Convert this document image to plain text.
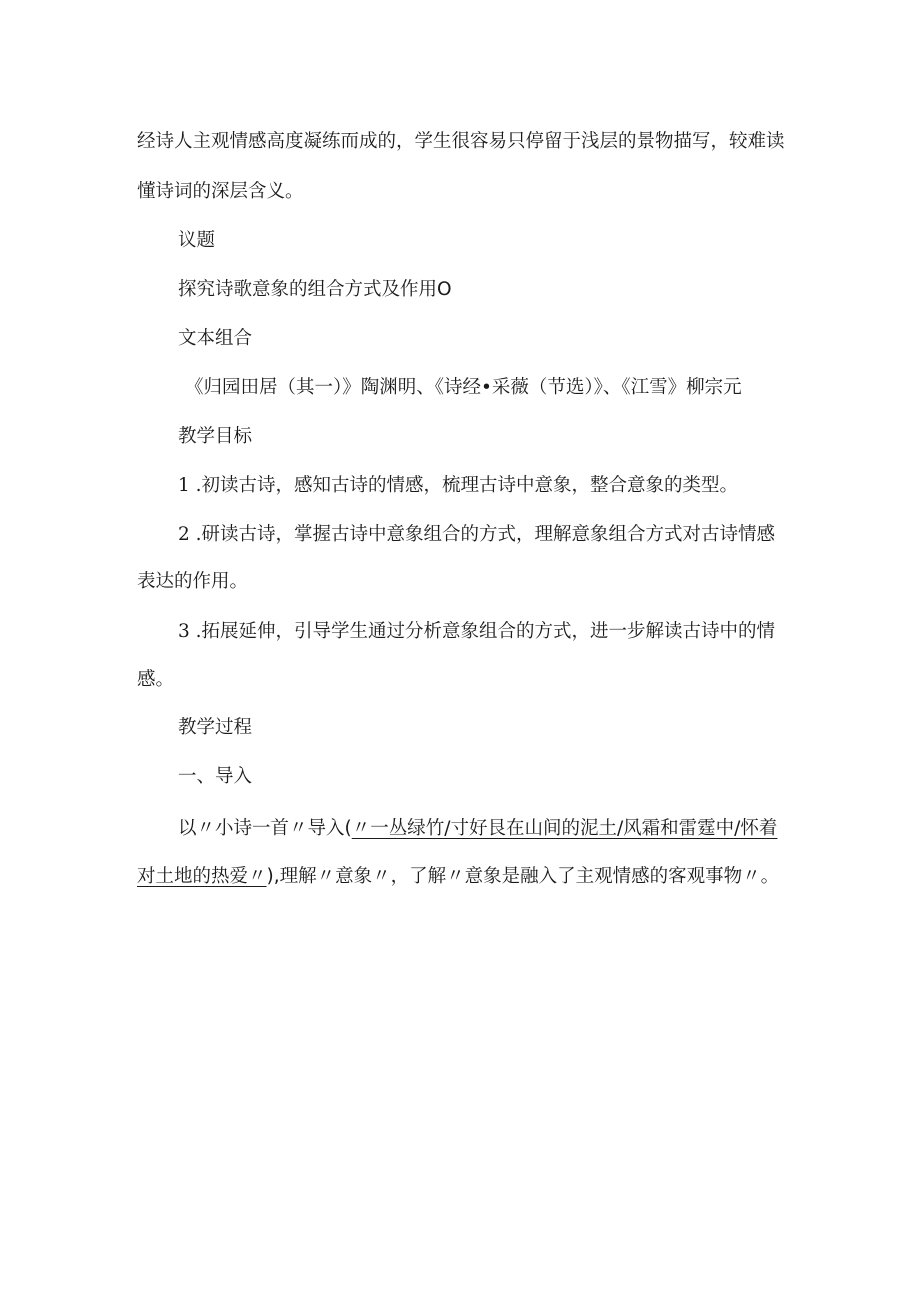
经诗人主观情感高度凝练而成的，学生很容易只停留于浅层的景物描写，较难读
懂诗词的深层含义。
议题
探究诗歌意象的组合方式及作用O
文本组合
《归园田居（其一）》陶渊明、《诗经•采薇（节选）》、《江雪》柳宗元
教学目标
1 .初读古诗，感知古诗的情感，梳理古诗中意象，整合意象的类型。
2 .研读古诗，掌握古诗中意象组合的方式，理解意象组合方式对古诗情感
表达的作用。
3 .拓展延伸，引导学生通过分析意象组合的方式，进一步解读古诗中的情
感。
教学过程
一、导入
以〃小诗一首〃导入(〃一丛绿竹/寸好艮在山间的泥土/风霜和雷霆中/怀着
对土地的热爱〃),理解〃意象〃，了解〃意象是融入了主观情感的客观事物〃。
